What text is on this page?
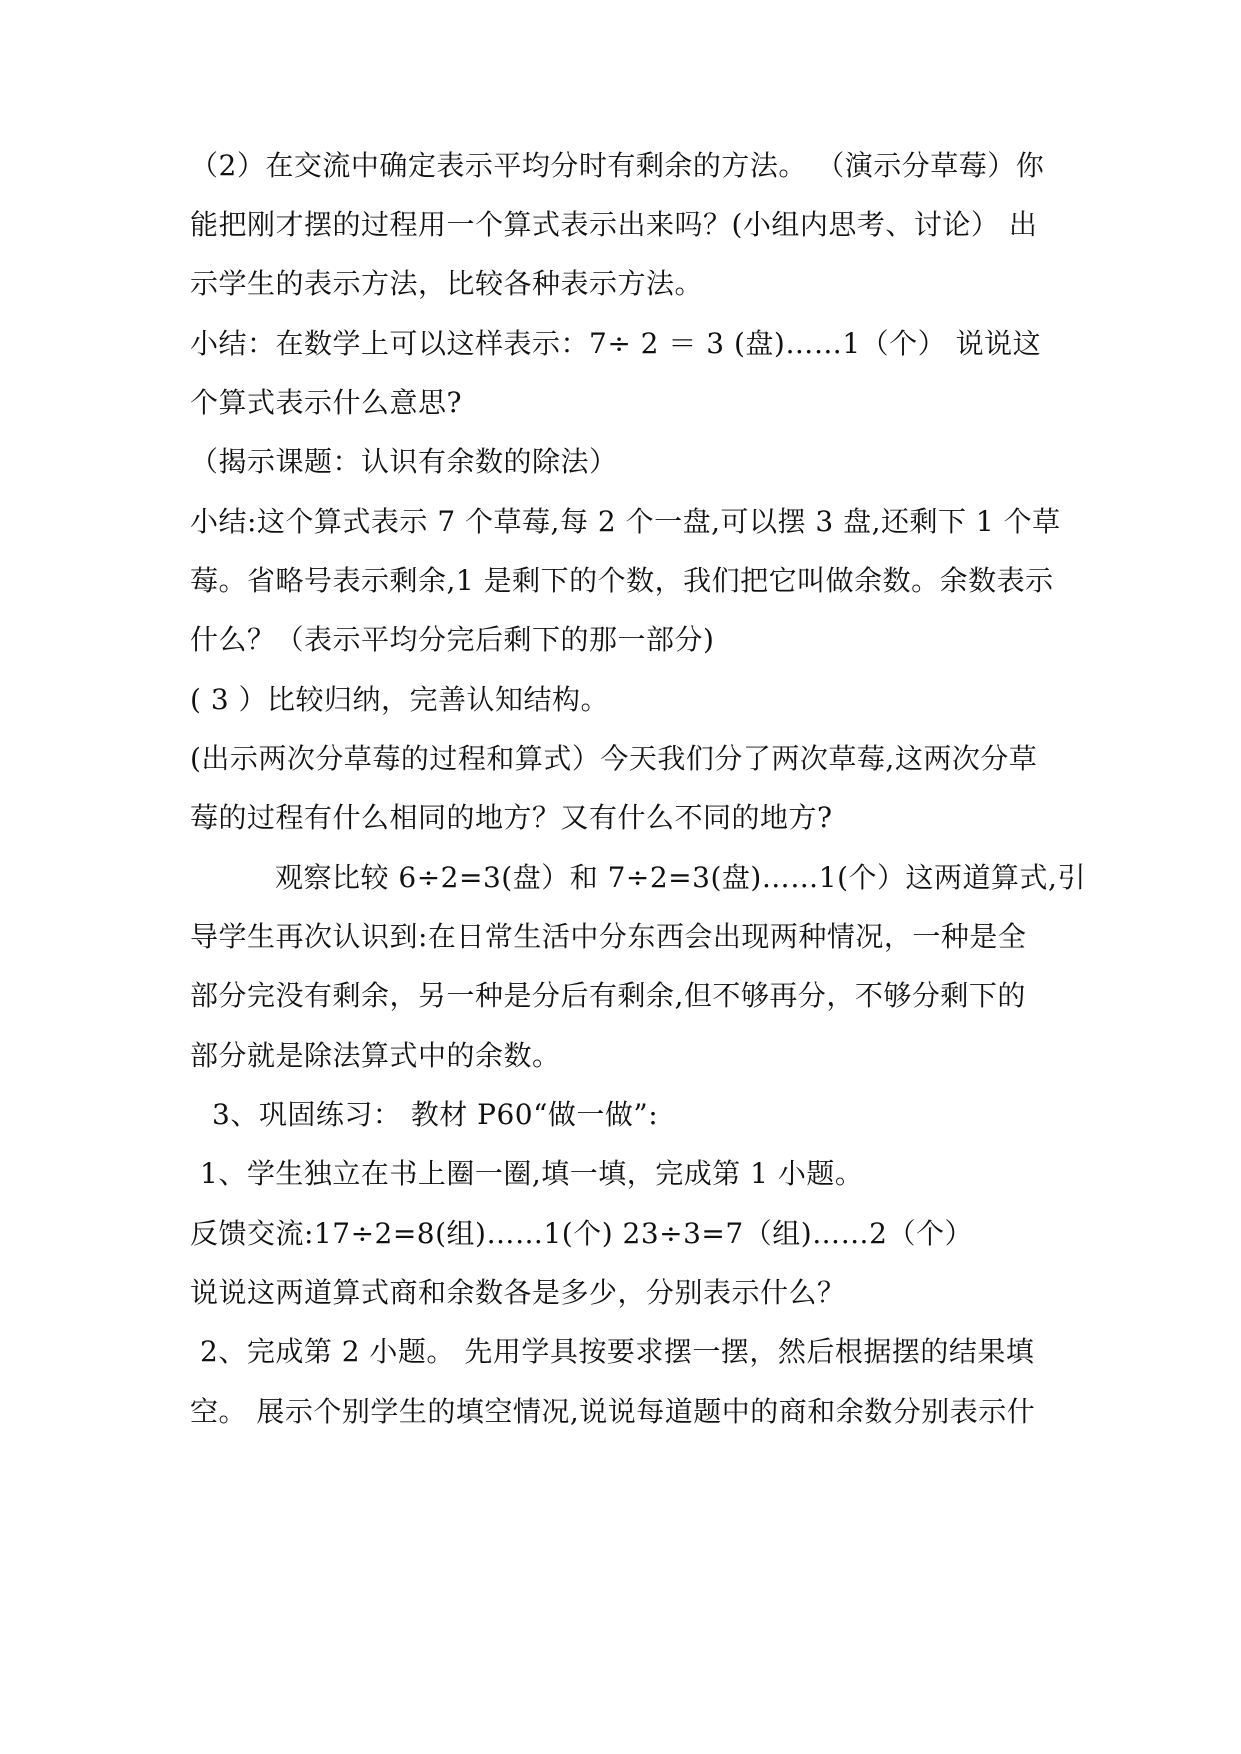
（2）在交流中确定表示平均分时有剩余的方法。 （演示分草莓）你
能把刚才摆的过程用一个算式表示出来吗？(小组内思考、讨论） 出
示学生的表示方法，比较各种表示方法。
小结：在数学上可以这样表示：7÷ 2 ＝ 3 (盘)……1（个） 说说这
个算式表示什么意思?
（揭示课题：认识有余数的除法）
小结:这个算式表示 7 个草莓,每 2 个一盘,可以摆 3 盘,还剩下 1 个草
莓。省略号表示剩余,1 是剩下的个数，我们把它叫做余数。余数表示
什么？（表示平均分完后剩下的那一部分)
( 3 ）比较归纳，完善认知结构。
(出示两次分草莓的过程和算式）今天我们分了两次草莓,这两次分草
莓的过程有什么相同的地方？又有什么不同的地方?
观察比较 6÷2=3(盘）和 7÷2=3(盘)……1(个）这两道算式,引
导学生再次认识到:在日常生活中分东西会出现两种情况，一种是全
部分完没有剩余，另一种是分后有剩余,但不够再分，不够分剩下的
部分就是除法算式中的余数。
3、巩固练习： 教材 P60“做一做”:
1、学生独立在书上圈一圈,填一填，完成第 1 小题。
反馈交流:17÷2=8(组)……1(个) 23÷3=7（组)……2（个）
说说这两道算式商和余数各是多少，分别表示什么？
2、完成第 2 小题。 先用学具按要求摆一摆，然后根据摆的结果填
空。 展示个别学生的填空情况,说说每道题中的商和余数分别表示什
